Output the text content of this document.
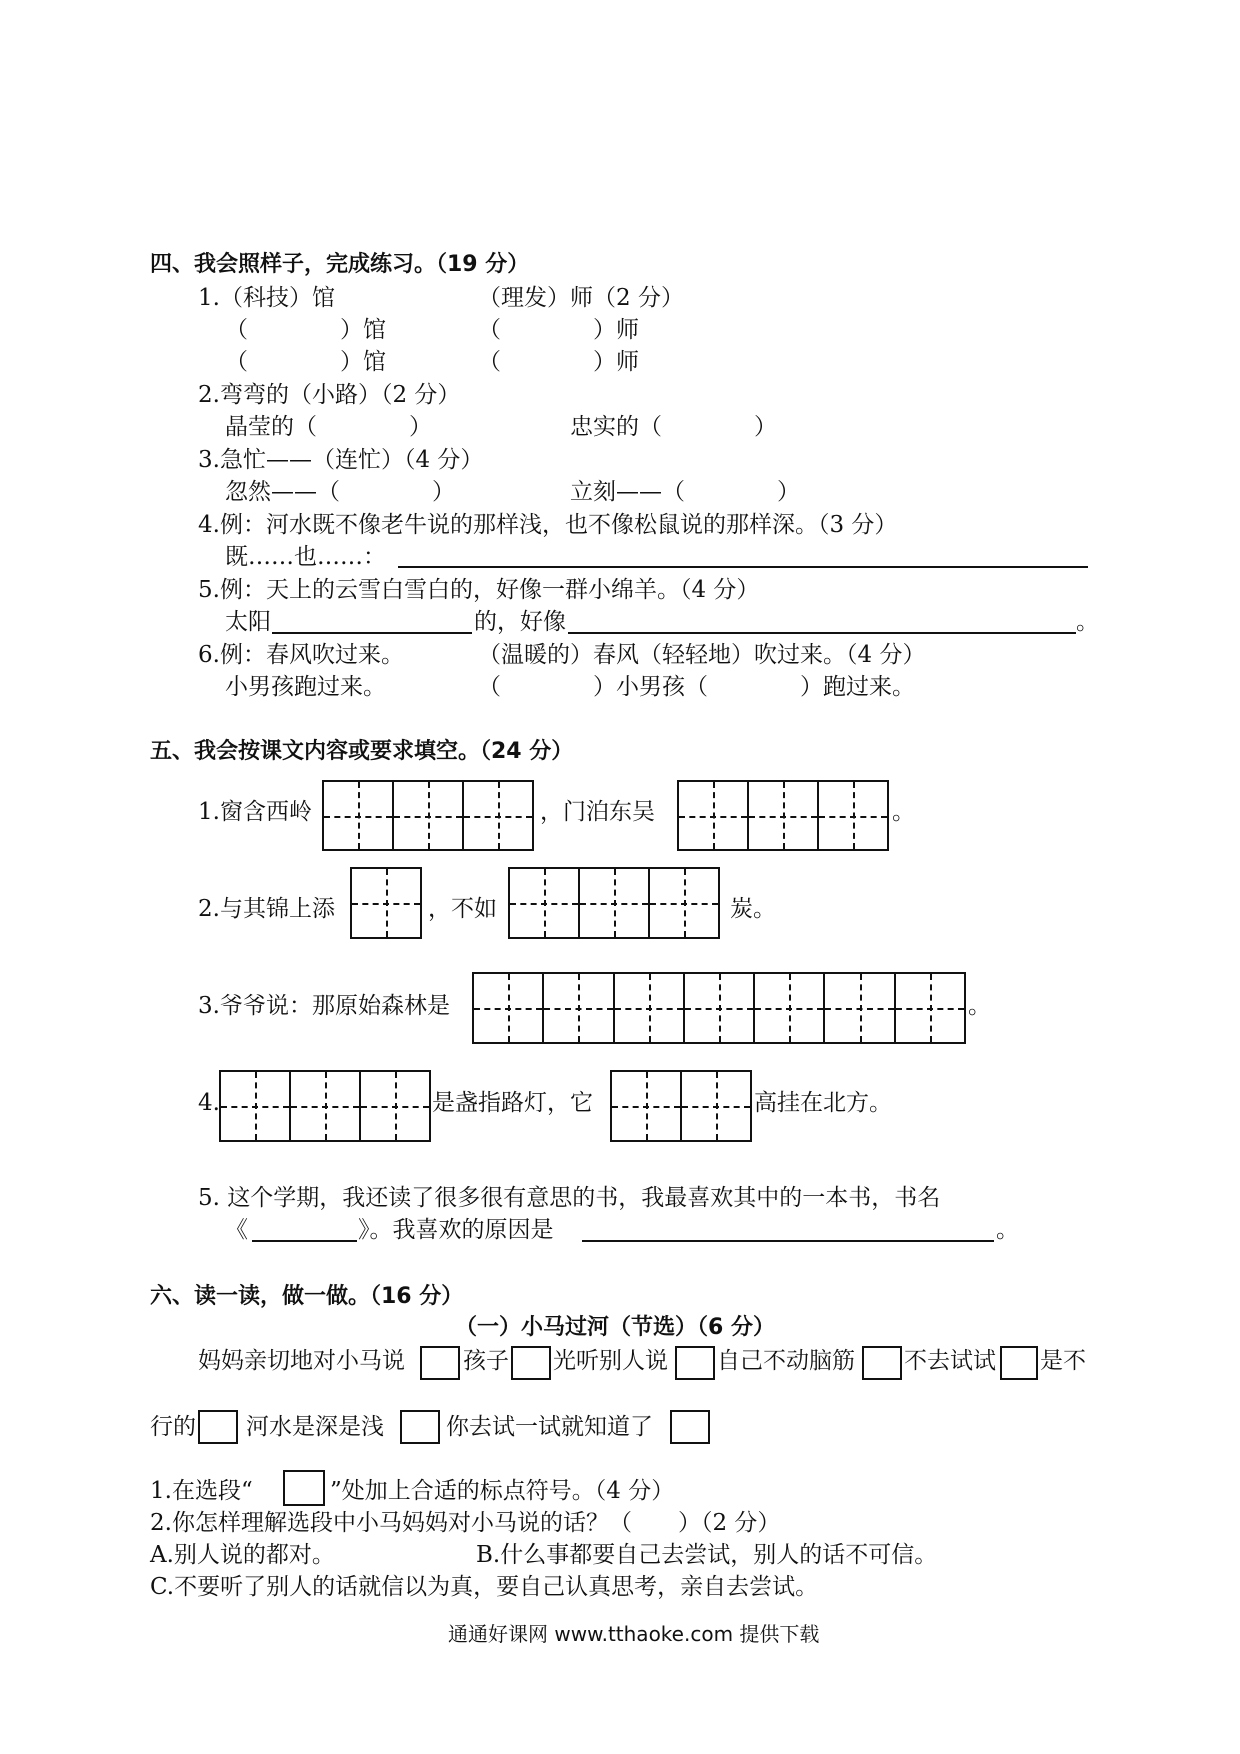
四、我会照样子，完成练习。（19 分）
1.（科技）馆	（理发）师（2 分）
（　　　　）馆	（　　　　）师
（　　　　）馆	（　　　　）师
2.弯弯的（小路）（2 分）
晶莹的（　　　　）	忠实的（　　　　）
3.急忙——（连忙）（4 分）
忽然——（　　　　）	立刻——（　　　　）
4.例：河水既不像老牛说的那样浅，也不像松鼠说的那样深。（3 分）
既……也……：
5.例：天上的云雪白雪白的，好像一群小绵羊。（4 分）
太阳	的，好像	。
6.例：春风吹过来。	（温暖的）春风（轻轻地）吹过来。（4 分）
小男孩跑过来。	（　　　　）小男孩（　　　　）跑过来。
五、我会按课文内容或要求填空。（24 分）
1.窗含西岭	，门泊东吴	。
2.与其锦上添	，不如	炭。
3.爷爷说：那原始森林是	。
4.	是盏指路灯，它	高挂在北方。
5. 这个学期，我还读了很多很有意思的书，我最喜欢其中的一本书，书名
《	》。我喜欢的原因是	。
六、读一读，做一做。（16 分）
（一）小马过河（节选）（6 分）
妈妈亲切地对小马说	孩子 光听别人说 自己不动脑筋 不去试试 是不
行的 河水是深是浅	你去试一试就知道了
1.在选段“	”处加上合适的标点符号。（4 分）
2.你怎样理解选段中小马妈妈对小马说的话？（　　）（2 分）
A.别人说的都对。	B.什么事都要自己去尝试，别人的话不可信。
C.不要听了别人的话就信以为真，要自己认真思考，亲自去尝试。
通通好课网 www.tthaoke.com 提供下载
